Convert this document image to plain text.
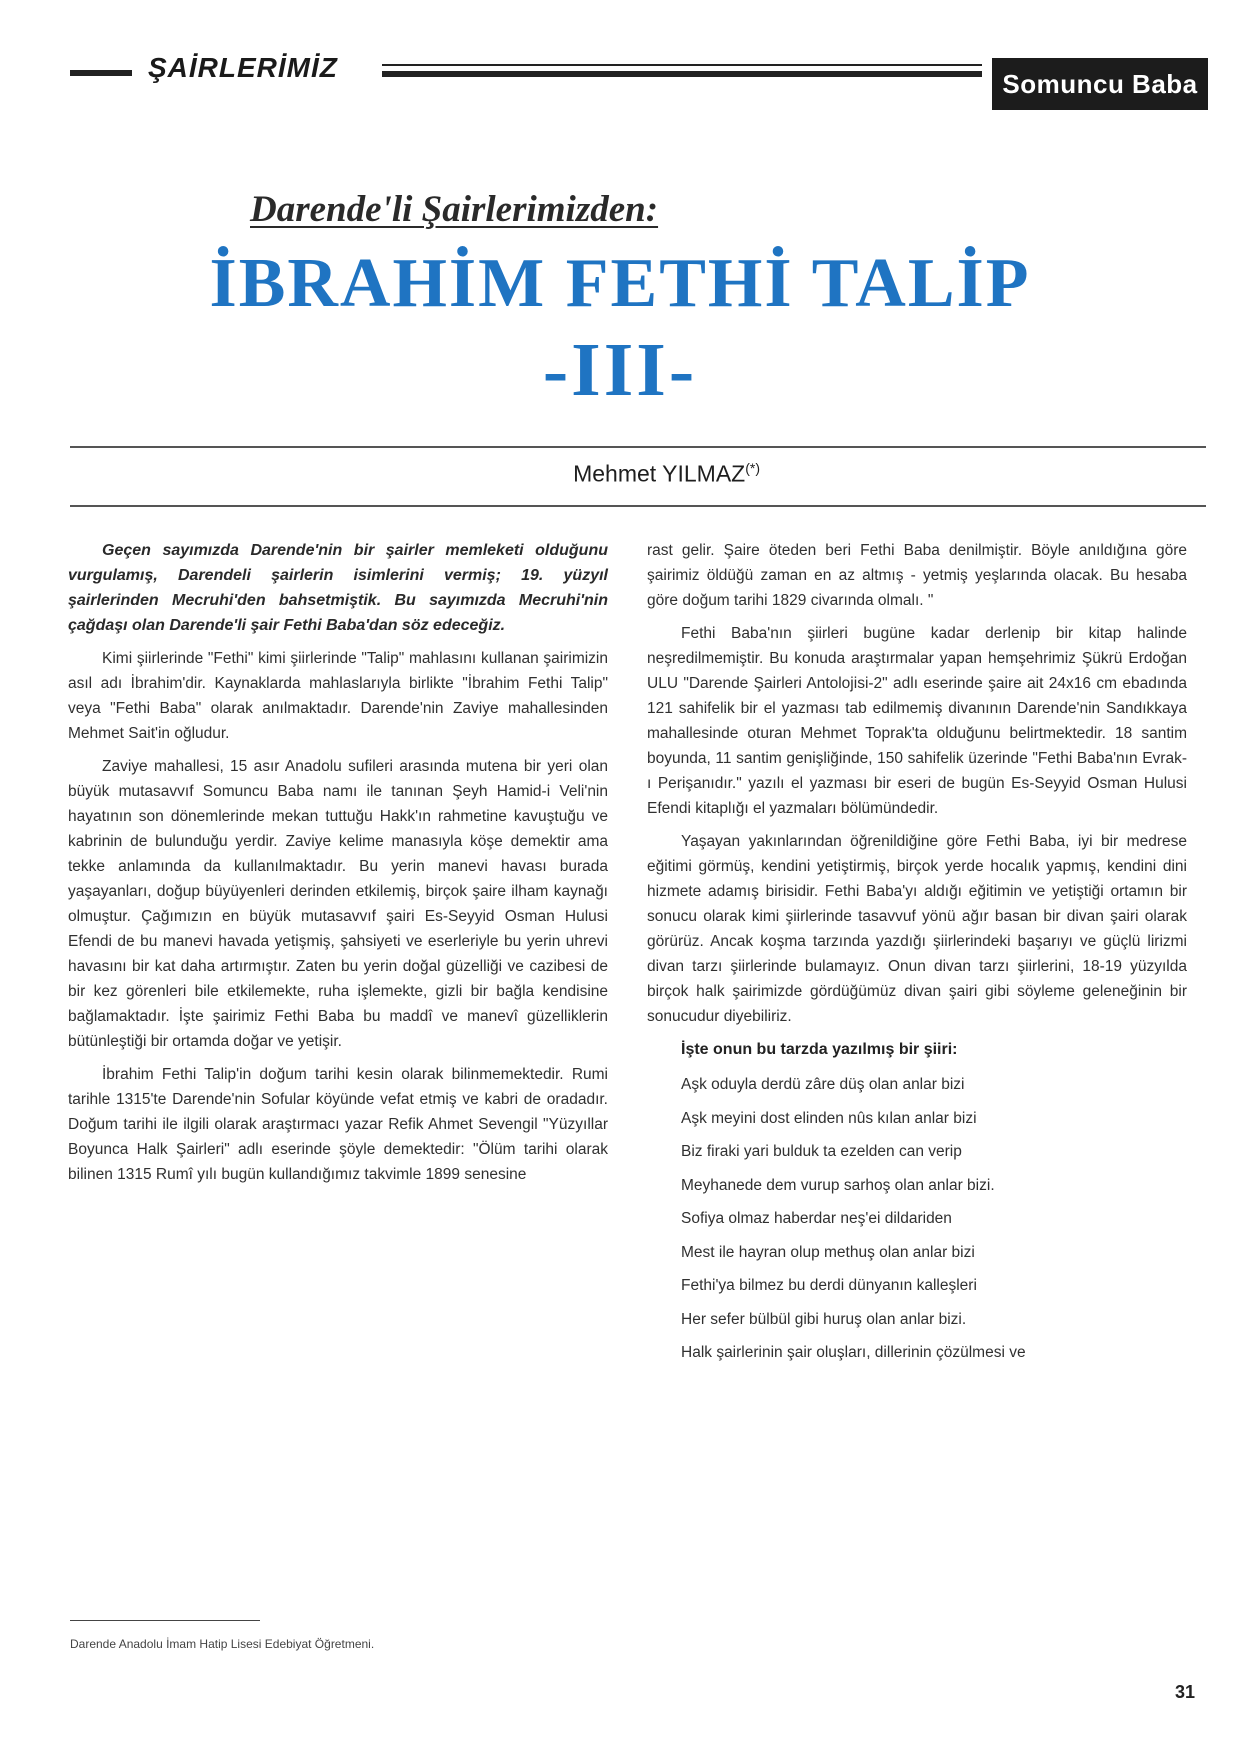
ŞAİRLERİMİZ
Somuncu Baba
Darende'li Şairlerimizden:
İBRAHİM FETHİ TALİP
-III-
Mehmet YILMAZ(*)

Geçen sayımızda Darende'nin bir şairler memleketi olduğunu vurgulamış, Darendeli şairlerin isimlerini vermiş; 19. yüzyıl şairlerinden Mecruhi'den bahsetmiştik. Bu sayımızda Mecruhi'nin çağdaşı olan Darende'li şair Fethi Baba'dan söz edeceğiz.

Kimi şiirlerinde "Fethi" kimi şiirlerinde "Talip" mahlasını kullanan şairimizin asıl adı İbrahim'dir. Kaynaklarda mahlaslarıyla birlikte "İbrahim Fethi Talip" veya "Fethi Baba" olarak anılmaktadır. Darende'nin Zaviye mahallesinden Mehmet Sait'in oğludur.

Zaviye mahallesi, 15 asır Anadolu sufileri arasında mutena bir yeri olan büyük mutasavvıf Somuncu Baba namı ile tanınan Şeyh Hamid-i Veli'nin hayatının son dönemlerinde mekan tuttuğu Hakk'ın rahmetine kavuştuğu ve kabrinin de bulunduğu yerdir. Zaviye kelime manasıyla köşe demektir ama tekke anlamında da kullanılmaktadır. Bu yerin manevi havası burada yaşayanları, doğup büyüyenleri derinden etkilemiş, birçok şaire ilham kaynağı olmuştur. Çağımızın en büyük mutasavvıf şairi Es-Seyyid Osman Hulusi Efendi de bu manevi havada yetişmiş, şahsiyeti ve eserleriyle bu yerin uhrevi havasını bir kat daha artırmıştır. Zaten bu yerin doğal güzelliği ve cazibesi de bir kez görenleri bile etkilemekte, ruha işlemekte, gizli bir bağla kendisine bağlamaktadır. İşte şairimiz Fethi Baba bu maddî ve manevî güzelliklerin bütünleştiği bir ortamda doğar ve yetişir.

İbrahim Fethi Talip'in doğum tarihi kesin olarak bilinmemektedir. Rumi tarihle 1315'te Darende'nin Sofular köyünde vefat etmiş ve kabri de oradadır. Doğum tarihi ile ilgili olarak araştırmacı yazar Refik Ahmet Sevengil "Yüzyıllar Boyunca Halk Şairleri" adlı eserinde şöyle demektedir: "Ölüm tarihi olarak bilinen 1315 Rumî yılı bugün kullandığımız takvimle 1899 senesine

rast gelir. Şaire öteden beri Fethi Baba denilmiştir. Böyle anıldığına göre şairimiz öldüğü zaman en az altmış - yetmiş yeşlarında olacak. Bu hesaba göre doğum tarihi 1829 civarında olmalı. "

Fethi Baba'nın şiirleri bugüne kadar derlenip bir kitap halinde neşredilmemiştir. Bu konuda araştırmalar yapan hemşehrimiz Şükrü Erdoğan ULU "Darende Şairleri Antolojisi-2" adlı eserinde şaire ait 24x16 cm ebadında 121 sahifelik bir el yazması tab edilmemiş divanının Darende'nin Sandıkkaya mahallesinde oturan Mehmet Toprak'ta olduğunu belirtmektedir. 18 santim boyunda, 11 santim genişliğinde, 150 sahifelik üzerinde "Fethi Baba'nın Evrak-ı Perişanıdır." yazılı el yazması bir eseri de bugün Es-Seyyid Osman Hulusi Efendi kitaplığı el yazmaları bölümündedir.

Yaşayan yakınlarından öğrenildiğine göre Fethi Baba, iyi bir medrese eğitimi görmüş, kendini yetiştirmiş, birçok yerde hocalık yapmış, kendini dini hizmete adamış birisidir. Fethi Baba'yı aldığı eğitimin ve yetiştiği ortamın bir sonucu olarak kimi şiirlerinde tasavvuf yönü ağır basan bir divan şairi olarak görürüz. Ancak koşma tarzında yazdığı şiirlerindeki başarıyı ve güçlü lirizmi divan tarzı şiirlerinde bulamayız. Onun divan tarzı şiirlerini, 18-19 yüzyılda birçok halk şairimizde gördüğümüz divan şairi gibi söyleme geleneğinin bir sonucudur diyebiliriz.

İşte onun bu tarzda yazılmış bir şiiri:
Aşk oduyla derdü zâre düş olan anlar bizi
Aşk meyini dost elinden nûs kılan anlar bizi
Biz firaki yari bulduk ta ezelden can verip
Meyhanede dem vurup sarhoş olan anlar bizi.
Sofiya olmaz haberdar neş'ei dildariden
Mest ile hayran olup methuş olan anlar bizi
Fethi'ya bilmez bu derdi dünyanın kalleşleri
Her sefer bülbül gibi huruş olan anlar bizi.

Halk şairlerinin şair oluşları, dillerinin çözülmesi ve

Darende Anadolu İmam Hatip Lisesi Edebiyat Öğretmeni.

31
